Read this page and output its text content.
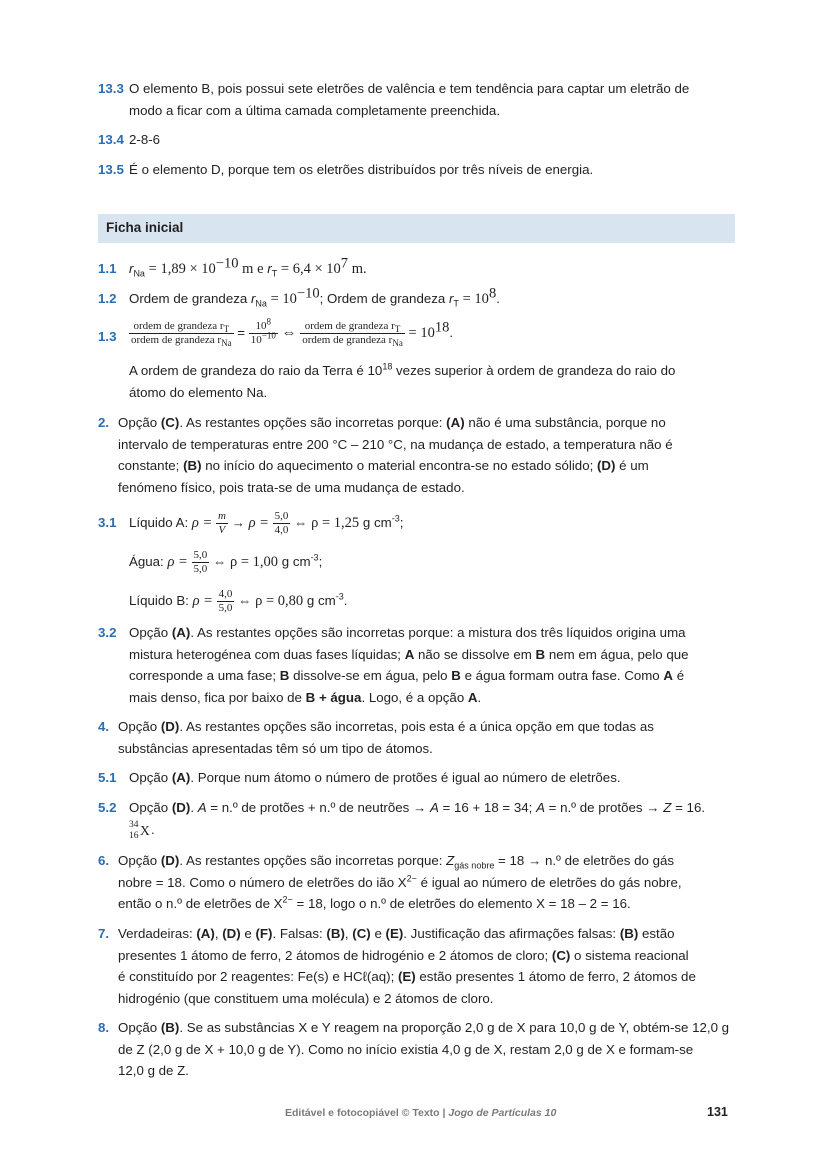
13.3 O elemento B, pois possui sete eletrões de valência e tem tendência para captar um eletrão de
modo a ficar com a última camada completamente preenchida.
13.4 2-8-6
13.5 É o elemento D, porque tem os eletrões distribuídos por três níveis de energia.
Ficha inicial
1.1 $r_{Na} = 1,89 \times 10^{-10}$ m e $r_T = 6,4 \times 10^7$ m.
1.2 Ordem de grandeza $r_{Na} = 10^{-10}$; Ordem de grandeza $r_T = 10^8$.
$1.3 \frac{ordem de grandeza r_T}{ordem de grandeza r_{Na}} = \frac{10^8}{10^{-10}}$ ⇔ $\frac{ordem de grandeza r_T}{ordem de grandeza r_{Na}} = 10^{18}$.
A ordem de grandeza do raio da Terra é $10^{18}$ vezes superior à ordem de grandeza do raio do
átomo do elemento Na.
2. Opção (C). As restantes opções são incorretas porque: (A) não é uma substância, porque no
intervalo de temperaturas entre 200 °C – 210 °C, na mudança de estado, a temperatura não é
constante; (B) no início do aquecimento o material encontra-se no estado sólido; (D) é um
fenómeno físico, pois trata-se de uma mudança de estado.
3.1 Líquido A: $\rho = \frac{m}{V} \to \rho = \frac{5,0}{4,0}$ ⇔ ρ = 1,25 g $cm^{-3}$;
Água: $\rho = \frac{5,0}{5,0}$ ⇔ ρ = 1,00 g $cm^{-3}$;
Líquido B: $\rho = \frac{4,0}{5,0}$ ⇔ ρ = 0,80 g $cm^{-3}$.
3.2 Opção (A). As restantes opções são incorretas porque: a mistura dos três líquidos origina uma
mistura heterogénea com duas fases líquidas; A não se dissolve em B nem em água, pelo que
corresponde a uma fase; B dissolve-se em água, pelo B e água formam outra fase. Como A é
mais denso, fica por baixo de B + água. Logo, é a opção A.
4. Opção (D). As restantes opções são incorretas, pois esta é a única opção em que todas as
substâncias apresentadas têm só um tipo de átomos.
5.1 Opção (A). Porque num átomo o número de protões é igual ao número de eletrões.
5.2 Opção (D). A = n.º de protões + n.º de neutrões → A = 16 + 18 = 34; A = n.º de protões → Z = 16.
34
16 X .
6. Opção (D). As restantes opções são incorretas porque: $Z_{gás nobre} = 18$ → n.º de eletrões do gás
nobre = 18. Como o número de eletrões do ião $X^{2-}$ é igual ao número de eletrões do gás nobre,
então o n.º de eletrões de $X^{2-} = 18$, logo o n.º de eletrões do elemento X = 18 – 2 = 16.
7. Verdadeiras: (A), (D) e (F). Falsas: (B), (C) e (E). Justificação das afirmações falsas: (B) estão
presentes 1 átomo de ferro, 2 átomos de hidrogénio e 2 átomos de cloro; (C) o sistema reacional
é constituído por 2 reagentes: Fe(s) e HCℓ(aq); (E) estão presentes 1 átomo de ferro, 2 átomos de
hidrogénio (que constituem uma molécula) e 2 átomos de cloro.
8. Opção (B). Se as substâncias X e Y reagem na proporção 2,0 g de X para 10,0 g de Y, obtém-se 12,0 g
de Z (2,0 g de X + 10,0 g de Y). Como no início existia 4,0 g de X, restam 2,0 g de X e formam-se
12,0 g de Z.
Editável e fotocopiável © Texto | Jogo de Partículas 10	131
